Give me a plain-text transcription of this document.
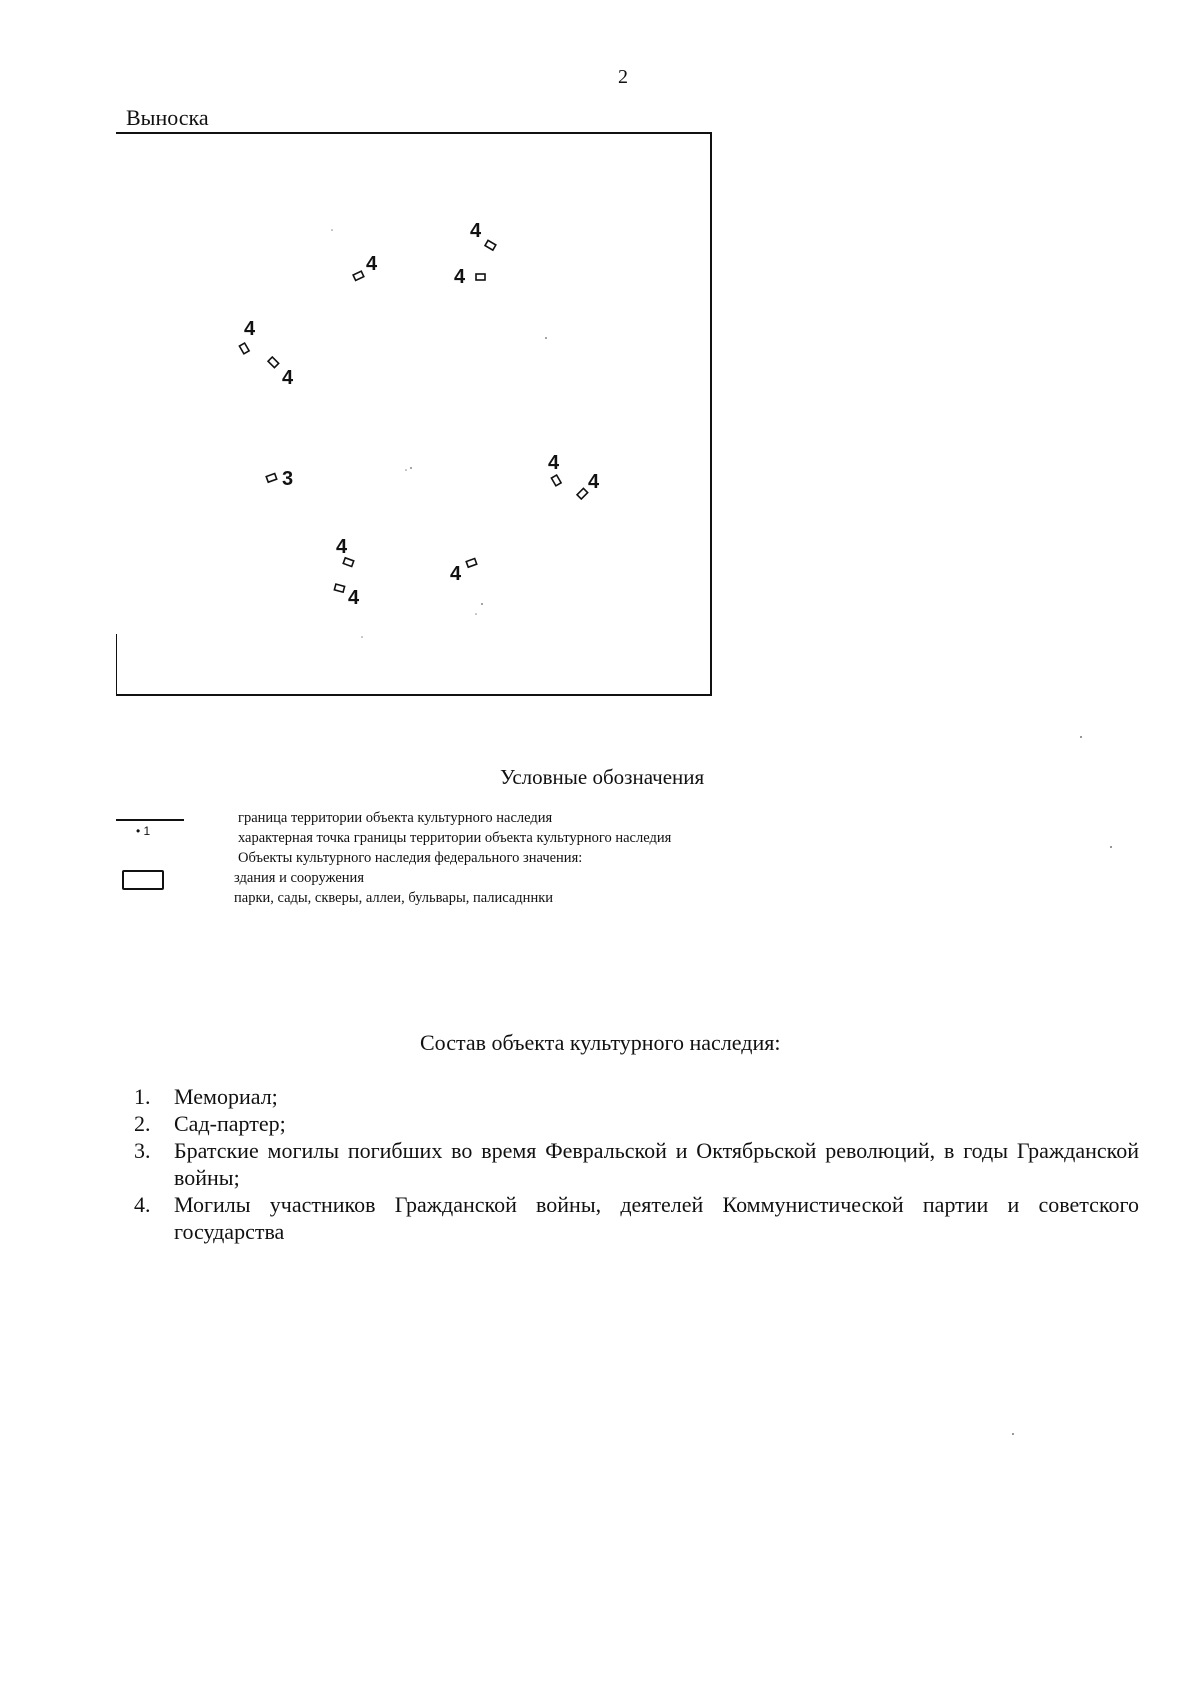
2
Выноска
4
4
4
4
4
3
4
4
4
4
4
Условные обозначения
• 1
граница территории объекта культурного наследия
характерная точка границы территории объекта культурного наследия
Объекты культурного наследия федерального значения:
здания и сооружения
парки, сады, скверы, аллеи, бульвары, палисадннки
Состав объекта культурного наследия:
1. Мемориал;
2. Сад-партер;
3. Братские могилы погибших во время Февральской и Октябрьской революций, в годы Гражданской войны;
4. Могилы участников Гражданской войны, деятелей Коммунистической партии и советского государства
